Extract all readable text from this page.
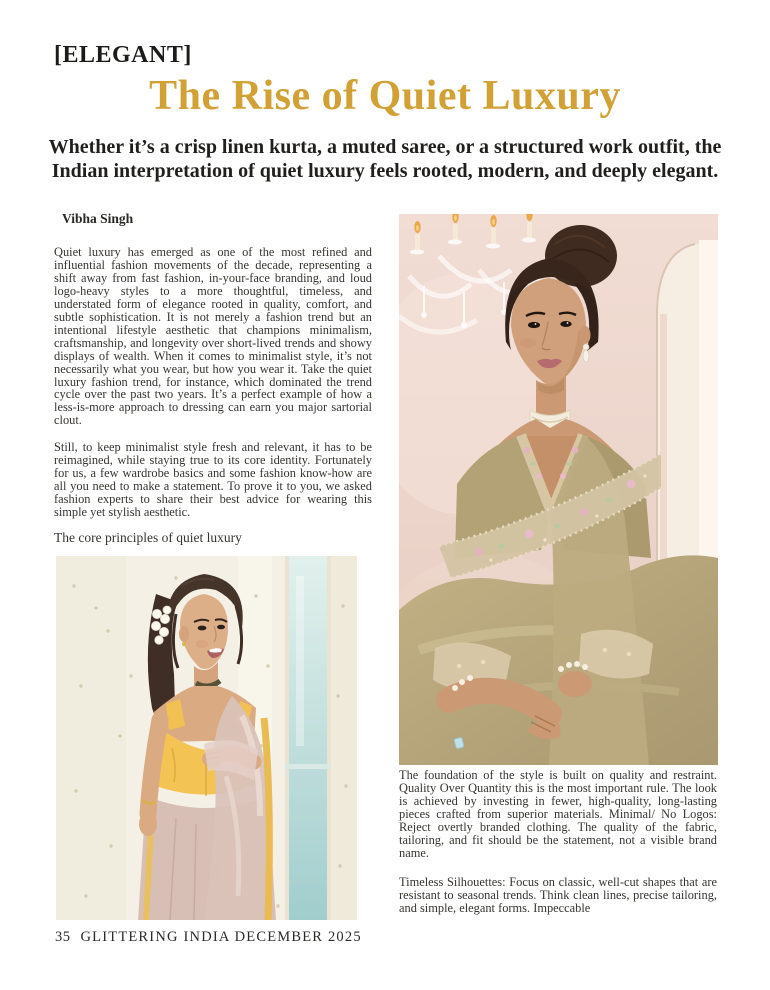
[ELEGANT]
The Rise of Quiet Luxury
Whether it’s a crisp linen kurta, a muted saree, or a structured work outfit, the Indian interpretation of quiet luxury feels rooted, modern, and deeply elegant.
Vibha Singh

Quiet luxury has emerged as one of the most refined and influential fashion movements of the decade, representing a shift away from fast fashion, in-your-face branding, and loud logo-heavy styles to a more thoughtful, timeless, and understated form of elegance rooted in quality, comfort, and subtle sophistication. It is not merely a fashion trend but an intentional lifestyle aesthetic that champions minimalism, craftsmanship, and longevity over short-lived trends and showy displays of wealth. When it comes to minimalist style, it’s not necessarily what you wear, but how you wear it. Take the quiet luxury fashion trend, for instance, which dominated the trend cycle over the past two years. It’s a perfect example of how a less-is-more approach to dressing can earn you major sartorial clout.

Still, to keep minimalist style fresh and relevant, it has to be reimagined, while staying true to its core identity. Fortunately for us, a few wardrobe basics and some fashion know-how are all you need to make a statement. To prove it to you, we asked fashion experts to share their best advice for wearing this simple yet stylish aesthetic.

The core principles of quiet luxury

The foundation of the style is built on quality and restraint. Quality Over Quantity this is the most important rule. The look is achieved by investing in fewer, high-quality, long-lasting pieces crafted from superior materials. Minimal/ No Logos: Reject overtly branded clothing. The quality of the fabric, tailoring, and fit should be the statement, not a visible brand name.

Timeless Silhouettes: Focus on classic, well-cut shapes that are resistant to seasonal trends. Think clean lines, precise tailoring, and simple, elegant forms. Impeccable

35 GLITTERING INDIA DECEMBER 2025
